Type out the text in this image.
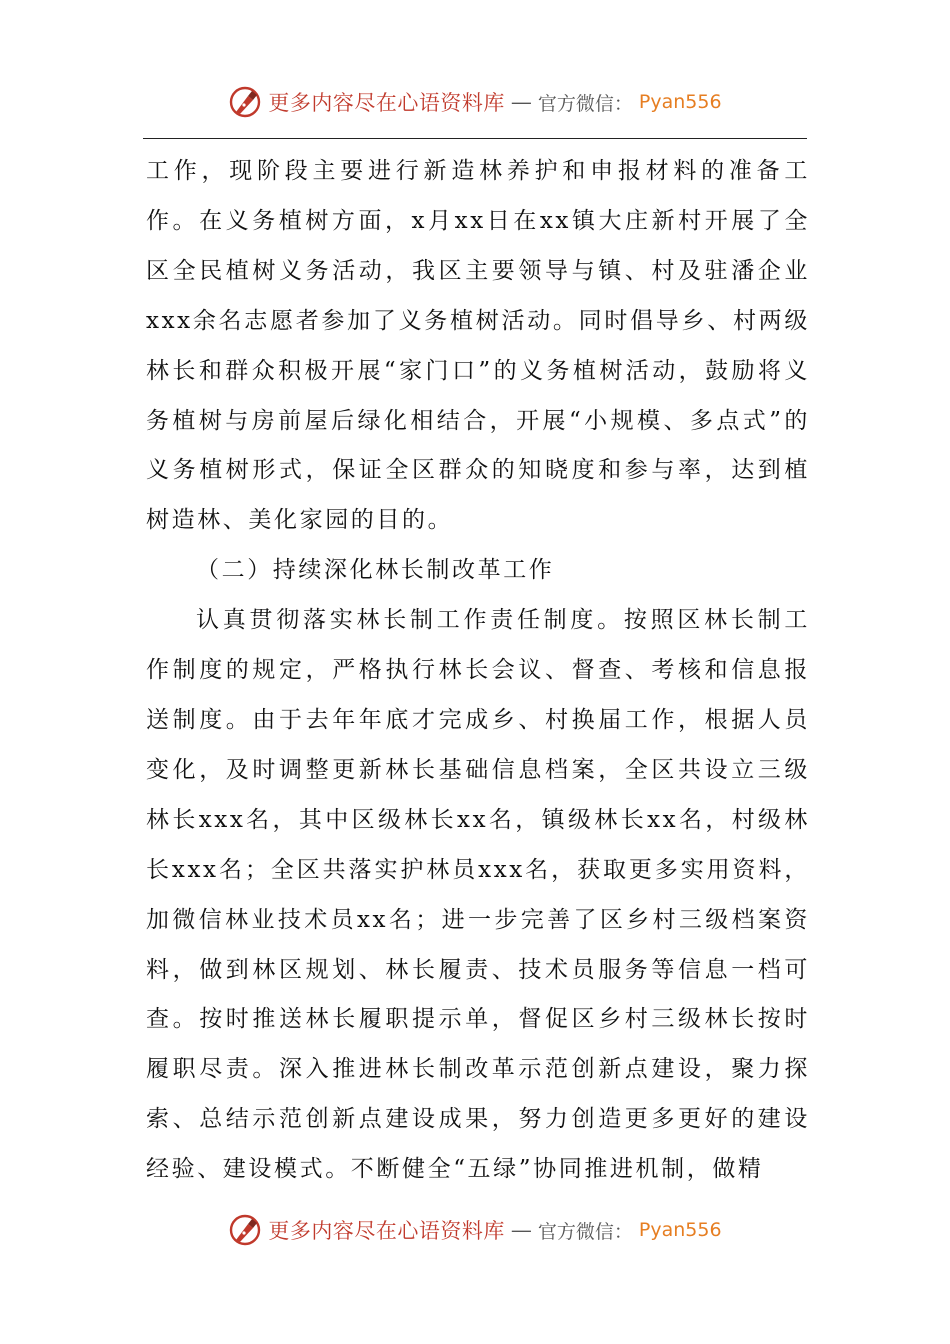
更多内容尽在心语资料库 — 官方微信： Pyan556

工作，现阶段主要进行新造林养护和申报材料的准备工作。在义务植树方面，x月xx日在xx镇大庄新村开展了全区全民植树义务活动，我区主要领导与镇、村及驻潘企业xxx余名志愿者参加了义务植树活动。同时倡导乡、村两级林长和群众积极开展“家门口”的义务植树活动，鼓励将义务植树与房前屋后绿化相结合，开展“小规模、多点式”的义务植树形式，保证全区群众的知晓度和参与率，达到植树造林、美化家园的目的。

（二）持续深化林长制改革工作

认真贯彻落实林长制工作责任制度。按照区林长制工作制度的规定，严格执行林长会议、督查、考核和信息报送制度。由于去年年底才完成乡、村换届工作，根据人员变化，及时调整更新林长基础信息档案，全区共设立三级林长xxx名，其中区级林长xx名，镇级林长xx名，村级林长xxx名；全区共落实护林员xxx名，获取更多实用资料，加微信林业技术员xx名；进一步完善了区乡村三级档案资料，做到林区规划、林长履责、技术员服务等信息一档可查。按时推送林长履职提示单，督促区乡村三级林长按时履职尽责。深入推进林长制改革示范创新点建设，聚力探索、总结示范创新点建设成果，努力创造更多更好的建设经验、建设模式。不断健全“五绿”协同推进机制，做精

更多内容尽在心语资料库 — 官方微信： Pyan556
